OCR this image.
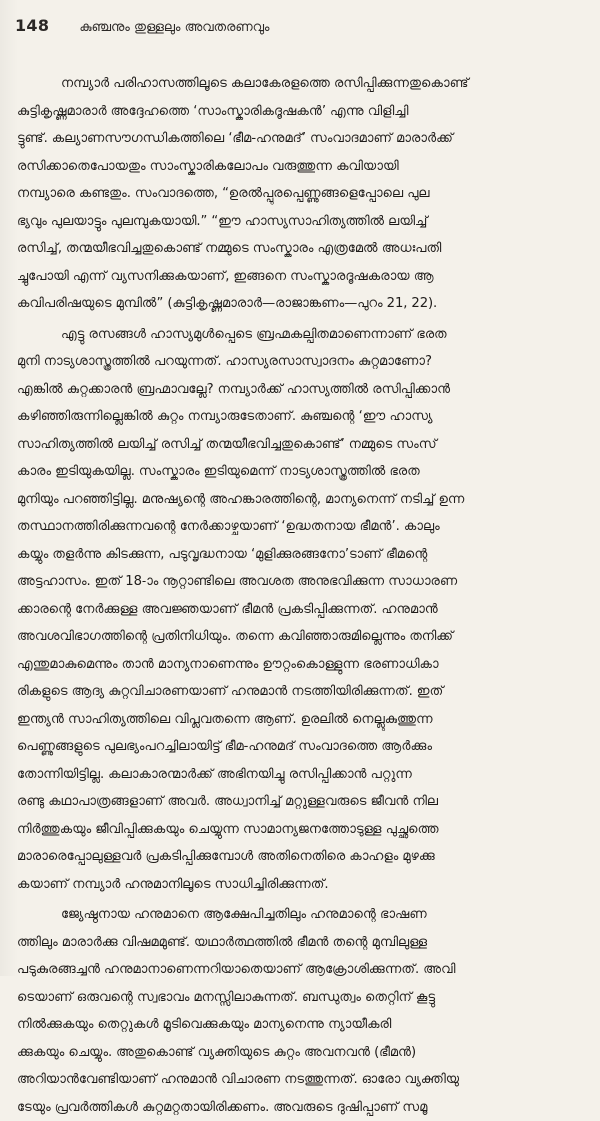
148 കുഞ്ചനും തുള്ളലും അവതരണവും
നമ്പ്യാർ പരിഹാസത്തിലൂടെ കലാകേരളത്തെ രസിപ്പിക്കുന്നതുകൊണ്ട്
കുട്ടികൃഷ്ണമാരാർ അദ്ദേഹത്തെ ‘സാംസ്കാരികദൂഷകൻ’ എന്നു വിളിച്ചി
ട്ടുണ്ട്. കല്യാണസൗഗന്ധികത്തിലെ ‘ഭീമ-ഹനുമദ്’ സംവാദമാണ് മാരാർക്ക്
രസിക്കാതെപോയതും സാംസ്കാരികലോപം വരുത്തുന്ന കവിയായി
നമ്പ്യാരെ കണ്ടതും. സംവാദത്തെ, “ഉരൽപ്പുരപ്പെണ്ണുങ്ങളെപ്പോലെ പുല
ഭ്യവും പുലയാട്ടും പുലമ്പുകയായി.” “ഈ ഹാസ്യസാഹിത്യത്തിൽ ലയിച്ച്
രസിച്ച്, തന്മയീഭവിച്ചതുകൊണ്ട് നമ്മുടെ സംസ്കാരം എത്രമേൽ അധഃപതി
ച്ചുപോയി എന്ന് വ്യസനിക്കുകയാണ്, ഇങ്ങനെ സംസ്കാരദൂഷകരായ ആ
കവിപരിഷയുടെ മുമ്പിൽ” (കുട്ടികൃഷ്ണമാരാർ—രാജാങ്കണം—പുറം 21, 22).
എട്ടു രസങ്ങൾ ഹാസ്യമുൾപ്പെടെ ബ്രഹ്മകല്പിതമാണെന്നാണ് ഭരത
മുനി നാട്യശാസ്ത്രത്തിൽ പറയുന്നത്. ഹാസ്യരസാസ്വാദനം കുറ്റമാണോ?
എങ്കിൽ കുറ്റക്കാരൻ ബ്രഹ്മാവല്ലേ? നമ്പ്യാർക്ക് ഹാസ്യത്തിൽ രസിപ്പിക്കാൻ
കഴിഞ്ഞിരുന്നില്ലെങ്കിൽ കുറ്റം നമ്പ്യാരുടേതാണ്. കുഞ്ചന്റെ ‘ഈ ഹാസ്യ
സാഹിത്യത്തിൽ ലയിച്ച് രസിച്ച് തന്മയീഭവിച്ചതുകൊണ്ട്’ നമ്മുടെ സംസ്
കാരം ഇടിയുകയില്ല. സംസ്കാരം ഇടിയുമെന്ന് നാട്യശാസ്ത്രത്തിൽ ഭരത
മുനിയും പറഞ്ഞിട്ടില്ല. മനുഷ്യന്റെ അഹങ്കാരത്തിന്റെ, മാന്യനെന്ന് നടിച്ച് ഉന്ന
തസ്ഥാനത്തിരിക്കുന്നവന്റെ നേർക്കാഴ്ചയാണ് ‘ഉദ്ധതനായ ഭീമൻ’. കാലും
കയ്യും തളർന്നു കിടക്കുന്ന, പടുവൃദ്ധനായ ‘മുളിക്കുരങ്ങനോ’ടാണ് ഭീമന്റെ
അട്ടഹാസം. ഇത് 18-ാം നൂറ്റാണ്ടിലെ അവശത അനുഭവിക്കുന്ന സാധാരണ
ക്കാരന്റെ നേർക്കുള്ള അവജ്ഞയാണ് ഭീമൻ പ്രകടിപ്പിക്കുന്നത്. ഹനുമാൻ
അവശവിഭാഗത്തിന്റെ പ്രതിനിധിയും. തന്നെ കവിഞ്ഞാരുമില്ലെന്നും തനിക്ക്
എന്തുമാകുമെന്നും താൻ മാന്യനാണെന്നും ഊറ്റംകൊള്ളുന്ന ഭരണാധികാ
രികളുടെ ആദ്യ കുറ്റവിചാരണയാണ് ഹനുമാൻ നടത്തിയിരിക്കുന്നത്. ഇത്
ഇന്ത്യൻ സാഹിത്യത്തിലെ വിപ്ലവതന്നെ ആണ്. ഉരലിൽ നെല്ലുകുത്തുന്ന
പെണ്ണുങ്ങളുടെ പുലഭ്യംപറച്ചിലായിട്ട് ഭീമ-ഹനുമദ് സംവാദത്തെ ആർക്കും
തോന്നിയിട്ടില്ല. കലാകാരന്മാർക്ക് അഭിനയിച്ചു രസിപ്പിക്കാൻ പറ്റുന്ന
രണ്ടു കഥാപാത്രങ്ങളാണ് അവർ. അധ്വാനിച്ച് മറ്റുള്ളവരുടെ ജീവൻ നില
നിർത്തുകയും ജീവിപ്പിക്കുകയും ചെയ്യുന്ന സാമാന്യജനത്തോടുള്ള പുച്ഛത്തെ
മാരാരെപ്പോലുള്ളവർ പ്രകടിപ്പിക്കുമ്പോൾ അതിനെതിരെ കാഹളം മുഴക്കു
കയാണ് നമ്പ്യാർ ഹനുമാനിലൂടെ സാധിച്ചിരിക്കുന്നത്.
ജ്യേഷ്ഠനായ ഹനുമാനെ ആക്ഷേപിച്ചതിലും ഹനുമാന്റെ ഭാഷണ
ത്തിലും മാരാർക്കു വിഷമമുണ്ട്. യഥാർത്ഥത്തിൽ ഭീമൻ തന്റെ മുമ്പിലുള്ള
പടുകുരങ്ങച്ചൻ ഹനുമാനാണെന്നറിയാതെയാണ് ആക്രോശിക്കുന്നത്. അവി
ടെയാണ് ഒരുവന്റെ സ്വഭാവം മനസ്സിലാകുന്നത്. ബന്ധുത്വം തെറ്റിന് കൂട്ടു
നിൽക്കുകയും തെറ്റുകൾ മൂടിവെക്കുകയും മാന്യനെന്നു ന്യായീകരി
ക്കുകയും ചെയ്യും. അതുകൊണ്ട് വ്യക്തിയുടെ കുറ്റം അവനവൻ (ഭീമൻ)
അറിയാൻവേണ്ടിയാണ് ഹനുമാൻ വിചാരണ നടത്തുന്നത്. ഓരോ വ്യക്തിയു
ടേയും പ്രവർത്തികൾ കുറ്റമറ്റതായിരിക്കണം. അവരുടെ ദുഷിപ്പാണ് സമൂ
